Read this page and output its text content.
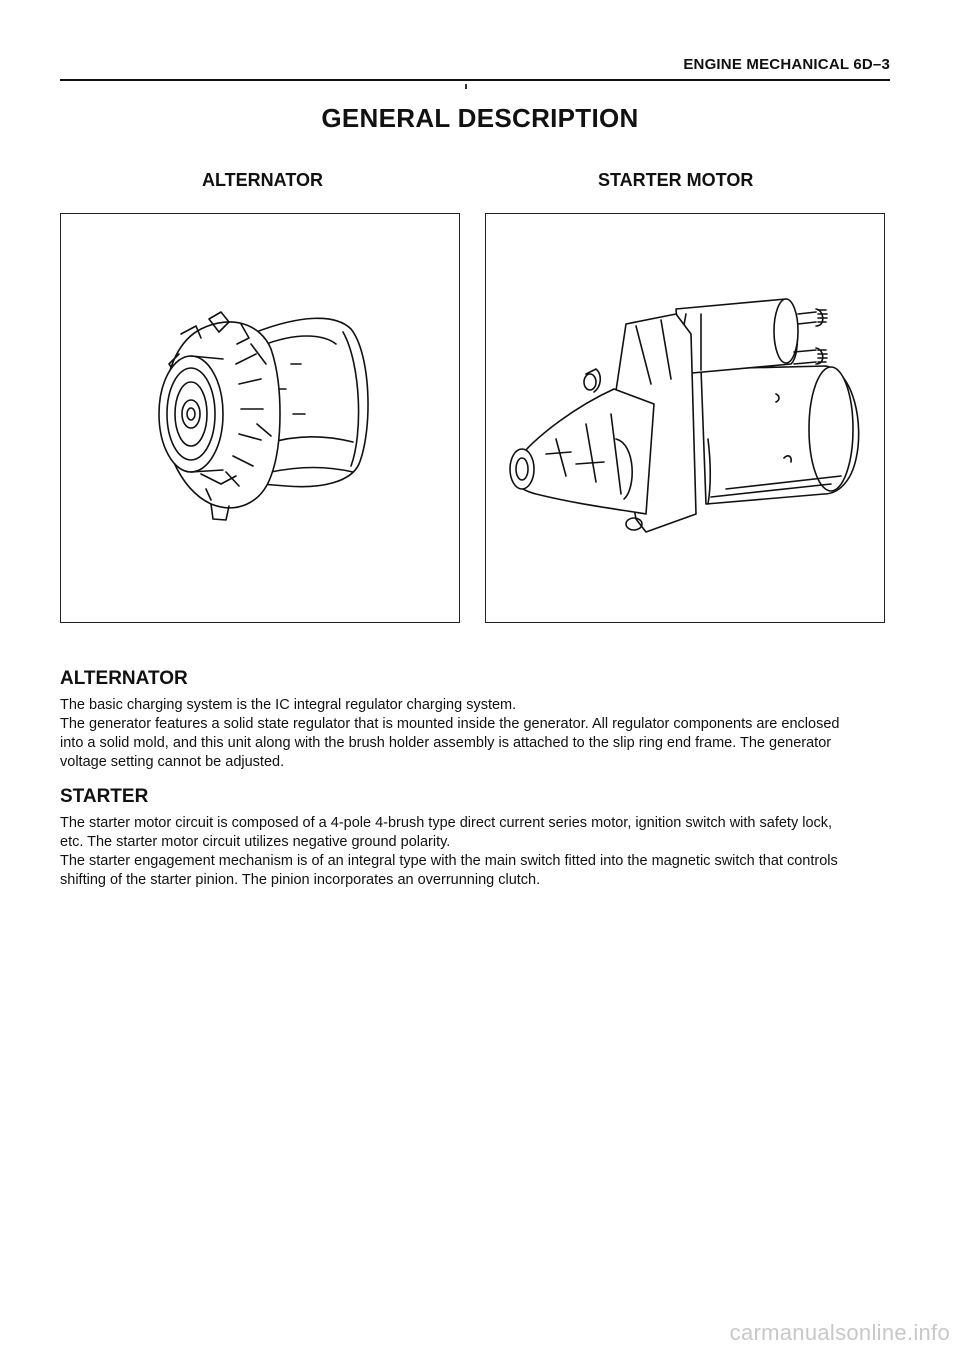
ENGINE MECHANICAL 6D–3
GENERAL DESCRIPTION
ALTERNATOR	STARTER MOTOR
ALTERNATOR

The basic charging system is the IC integral regulator charging system.

The generator features a solid state regulator that is mounted inside the generator. All regulator components are enclosed into a solid mold, and this unit along with the brush holder assembly is attached to the slip ring end frame. The generator voltage setting cannot be adjusted.

STARTER

The starter motor circuit is composed of a 4-pole 4-brush type direct current series motor, ignition switch with safety lock, etc. The starter motor circuit utilizes negative ground polarity.

The starter engagement mechanism is of an integral type with the main switch fitted into the magnetic switch that controls shifting of the starter pinion. The pinion incorporates an overrunning clutch.

carmanualsonline.info
